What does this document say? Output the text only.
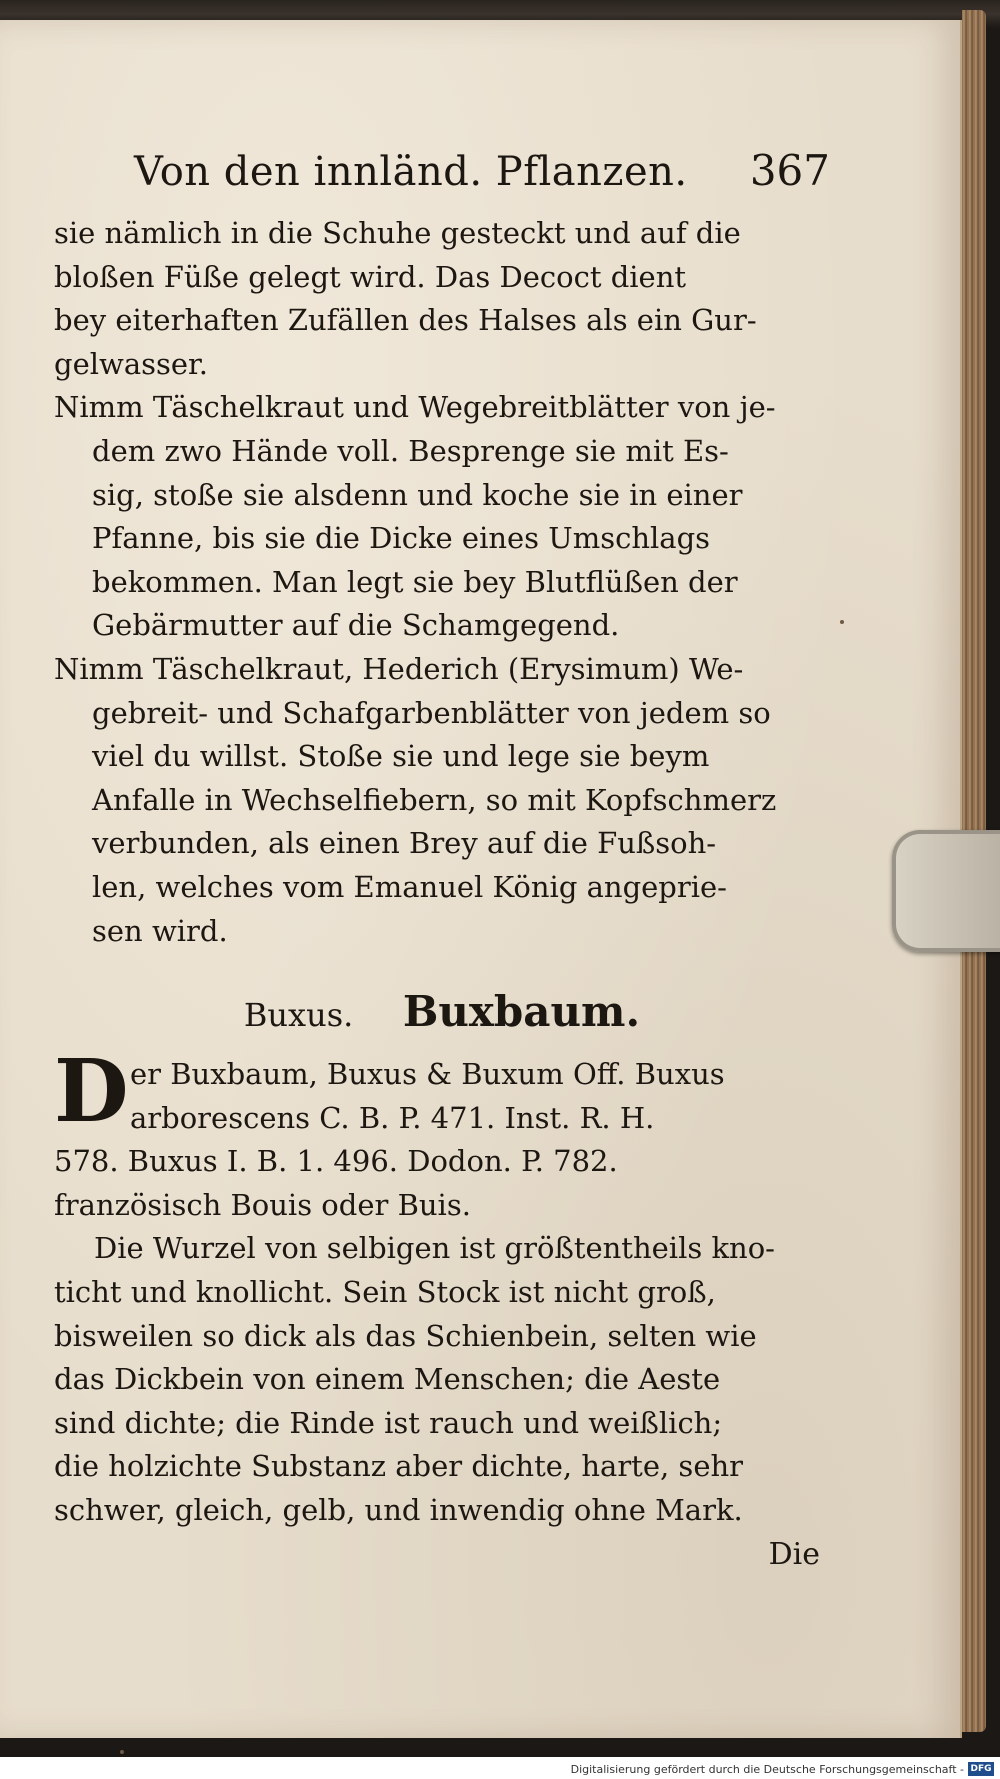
Von den innländ. Pflanzen. 367
sie nämlich in die Schuhe gesteckt und auf die
bloßen Füße gelegt wird. Das Decoct dient
bey eiterhaften Zufällen des Halses als ein Gur-
gelwasser.
Nimm Täschelkraut und Wegebreitblätter von je-
dem zwo Hände voll. Besprenge sie mit Es-
sig, stoße sie alsdenn und koche sie in einer
Pfanne, bis sie die Dicke eines Umschlags
bekommen. Man legt sie bey Blutflüßen der
Gebärmutter auf die Schamgegend.
Nimm Täschelkraut, Hederich (Erysimum) We-
gebreit- und Schafgarbenblätter von jedem so
viel du willst. Stoße sie und lege sie beym
Anfalle in Wechselfiebern, so mit Kopfschmerz
verbunden, als einen Brey auf die Fußsoh-
len, welches vom Emanuel König angeprie-
sen wird.
Buxus. Buxbaum.
D er Buxbaum, Buxus & Buxum Off. Buxus
arborescens C. B. P. 471. Inst. R. H.
578. Buxus I. B. 1. 496. Dodon. P. 782.
französisch Bouis oder Buis.
Die Wurzel von selbigen ist größtentheils kno-
ticht und knollicht. Sein Stock ist nicht groß,
bisweilen so dick als das Schienbein, selten wie
das Dickbein von einem Menschen; die Aeste
sind dichte; die Rinde ist rauch und weißlich;
die holzichte Substanz aber dichte, harte, sehr
schwer, gleich, gelb, und inwendig ohne Mark.
Die
Digitalisierung gefördert durch die Deutsche Forschungsgemeinschaft - DFG
